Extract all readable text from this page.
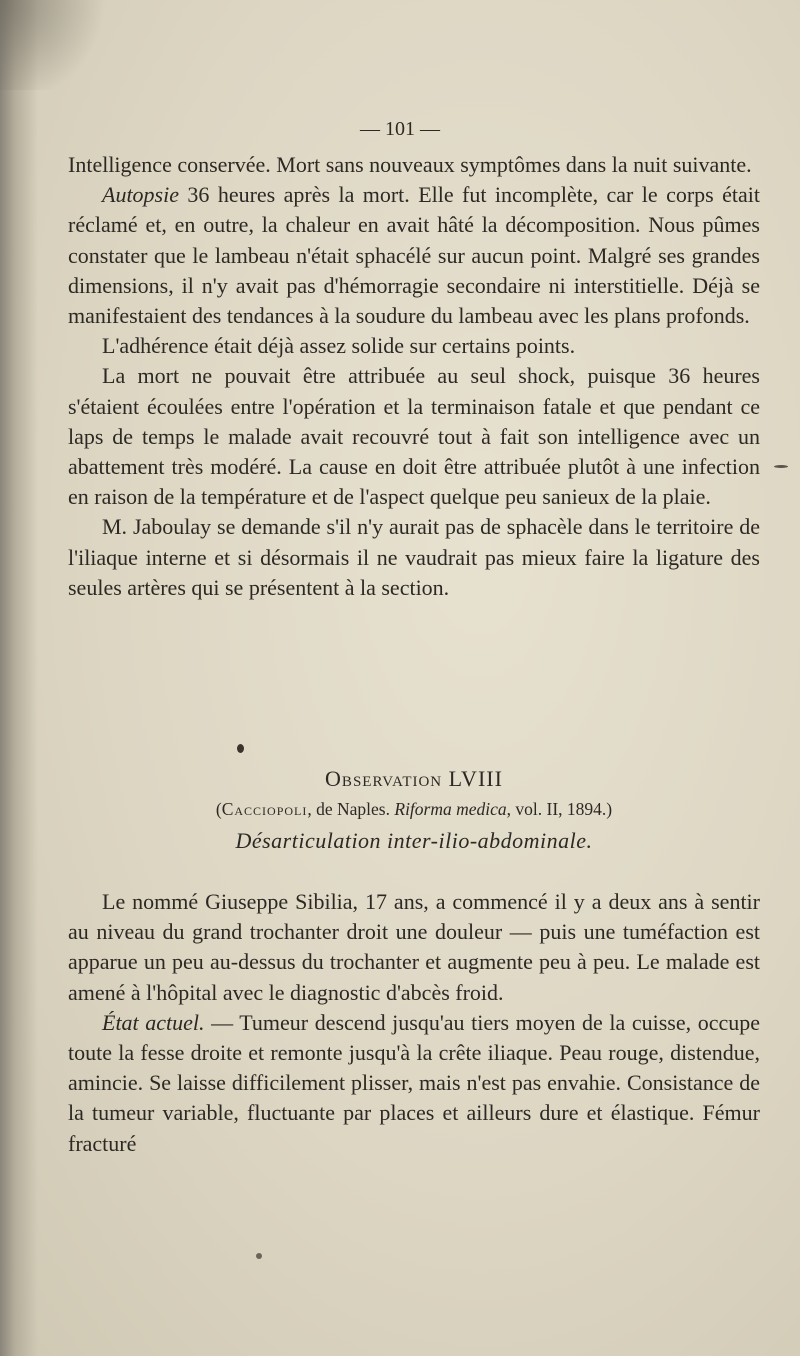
— 101 —

Intelligence conservée. Mort sans nouveaux symptômes dans la nuit suivante.

Autopsie 36 heures après la mort. Elle fut incomplète, car le corps était réclamé et, en outre, la chaleur en avait hâté la décomposition. Nous pûmes constater que le lambeau n'était sphacélé sur aucun point. Malgré ses grandes dimensions, il n'y avait pas d'hémorragie secondaire ni interstitielle. Déjà se manifestaient des tendances à la soudure du lambeau avec les plans profonds.

L'adhérence était déjà assez solide sur certains points.

La mort ne pouvait être attribuée au seul shock, puisque 36 heures s'étaient écoulées entre l'opération et la terminaison fatale et que pendant ce laps de temps le malade avait recouvré tout à fait son intelligence avec un abattement très modéré. La cause en doit être attribuée plutôt à une infection en raison de la température et de l'aspect quelque peu sanieux de la plaie.

M. Jaboulay se demande s'il n'y aurait pas de sphacèle dans le territoire de l'iliaque interne et si désormais il ne vaudrait pas mieux faire la ligature des seules artères qui se présentent à la section.

Observation LVIII

(Cacciopoli, de Naples. Riforma medica, vol. II, 1894.)

Désarticulation inter-ilio-abdominale.

Le nommé Giuseppe Sibilia, 17 ans, a commencé il y a deux ans à sentir au niveau du grand trochanter droit une douleur — puis une tuméfaction est apparue un peu au-dessus du trochanter et augmente peu à peu. Le malade est amené à l'hôpital avec le diagnostic d'abcès froid.

État actuel. — Tumeur descend jusqu'au tiers moyen de la cuisse, occupe toute la fesse droite et remonte jusqu'à la crête iliaque. Peau rouge, distendue, amincie. Se laisse difficilement plisser, mais n'est pas envahie. Consistance de la tumeur variable, fluctuante par places et ailleurs dure et élastique. Fémur fracturé
